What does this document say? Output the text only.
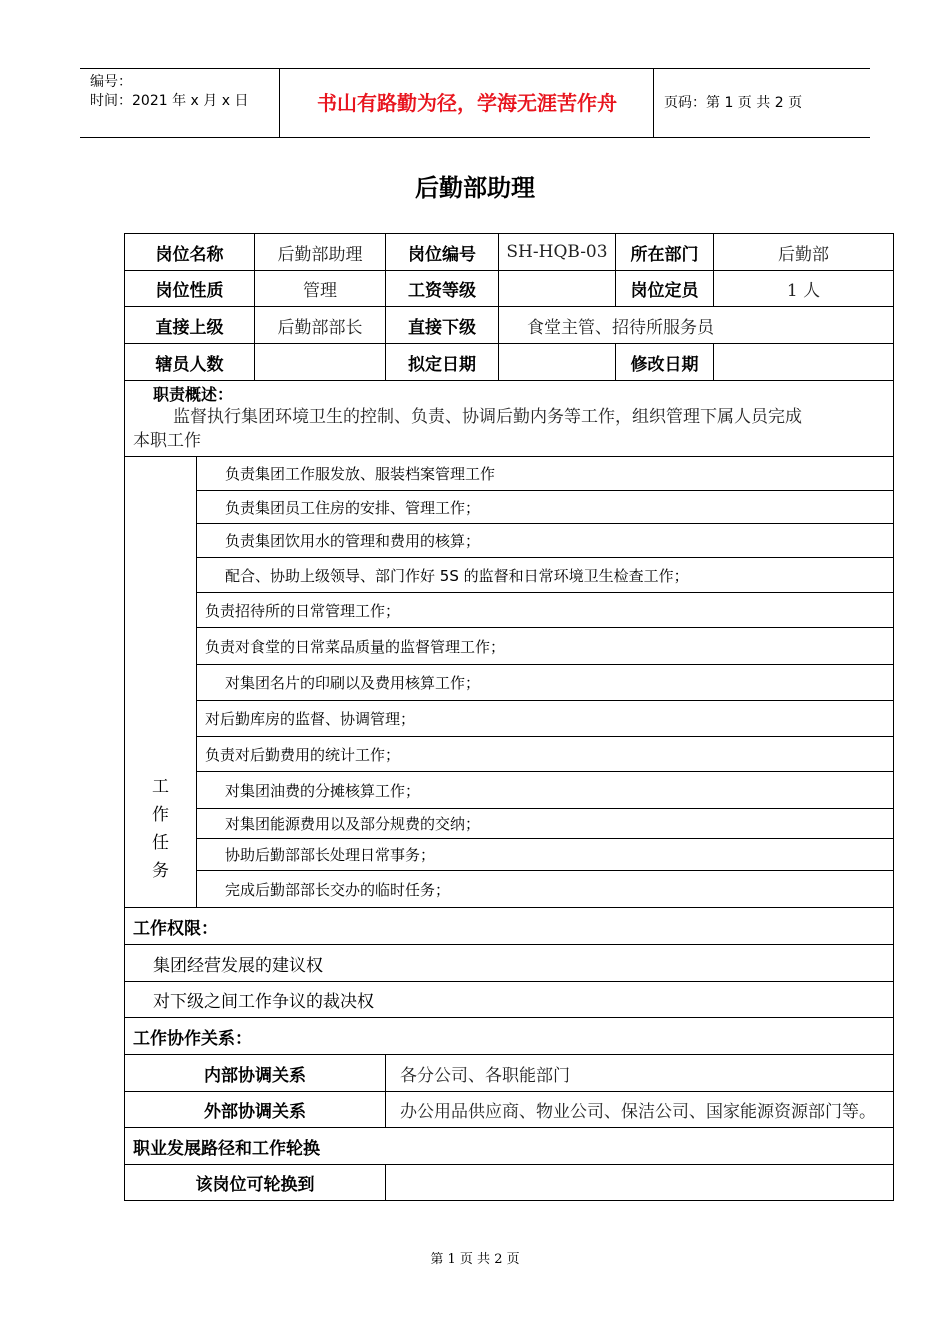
编号：
时间：2021 年 x 月 x 日	书山有路勤为径，学海无涯苦作舟	页码：第 1 页 共 2 页
后勤部助理
岗位名称		后勤部助理	岗位编号	SH-HQB-03	所在部门	后勤部
岗位性质		管理	工资等级		岗位定员	1 人
直接上级		后勤部部长	直接下级	食堂主管、招待所服务员		
辖员人数			拟定日期		修改日期	

职责概述：
监督执行集团环境卫生的控制、负责、协调后勤内务等工作，组织管理下属人员完成
本职工作						

工
作
任
务	负责集团工作服发放、服装档案管理工作					
	负责集团员工住房的安排、管理工作；					
	负责集团饮用水的管理和费用的核算；					
	配合、协助上级领导、部门作好 5S 的监督和日常环境卫生检查工作；					
	负责招待所的日常管理工作；					
	负责对食堂的日常菜品质量的监督管理工作；					
	对集团名片的印刷以及费用核算工作；					
	对后勤库房的监督、协调管理；					
	负责对后勤费用的统计工作；					
	对集团油费的分摊核算工作；					
	对集团能源费用以及部分规费的交纳；					
	协助后勤部部长处理日常事务；					
	完成后勤部部长交办的临时任务；					
工作权限：						
集团经营发展的建议权						
对下级之间工作争议的裁决权						
工作协作关系：						
内部协调关系			各分公司、各职能部门			
外部协调关系			办公用品供应商、物业公司、保洁公司、国家能源资源部门等。			
职业发展路径和工作轮换						
该岗位可轮换到						
第 1 页 共 2 页
